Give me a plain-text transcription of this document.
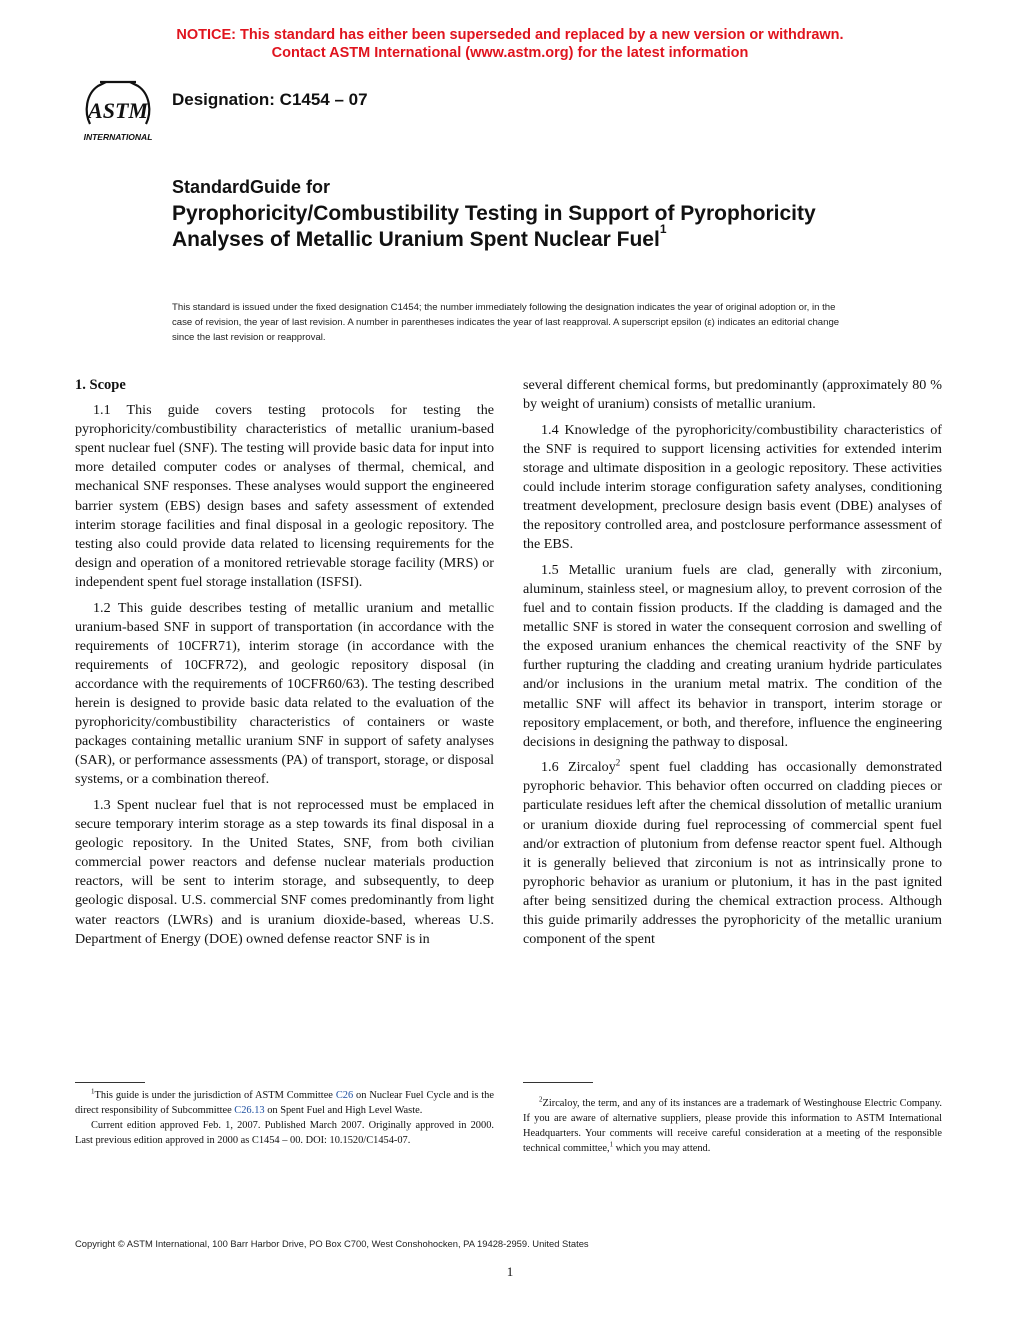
NOTICE: This standard has either been superseded and replaced by a new version or withdrawn.
Contact ASTM International (www.astm.org) for the latest information
ASTM
INTERNATIONAL
Designation: C1454 – 07
StandardGuide for
Pyrophoricity/Combustibility Testing in Support of Pyrophoricity Analyses of Metallic Uranium Spent Nuclear Fuel$^1$
This standard is issued under the fixed designation C1454; the number immediately following the designation indicates the year of original adoption or, in the case of revision, the year of last revision. A number in parentheses indicates the year of last reapproval. A superscript epsilon (ε) indicates an editorial change since the last revision or reapproval.
1. Scope

1.1 This guide covers testing protocols for testing the pyrophoricity/combustibility characteristics of metallic uranium-based spent nuclear fuel (SNF). The testing will provide basic data for input into more detailed computer codes or analyses of thermal, chemical, and mechanical SNF responses. These analyses would support the engineered barrier system (EBS) design bases and safety assessment of extended interim storage facilities and final disposal in a geologic repository. The testing also could provide data related to licensing requirements for the design and operation of a monitored retrievable storage facility (MRS) or independent spent fuel storage installation (ISFSI).

1.2 This guide describes testing of metallic uranium and metallic uranium-based SNF in support of transportation (in accordance with the requirements of 10CFR71), interim storage (in accordance with the requirements of 10CFR72), and geologic repository disposal (in accordance with the requirements of 10CFR60/63). The testing described herein is designed to provide basic data related to the evaluation of the pyrophoricity/combustibility characteristics of containers or waste packages containing metallic uranium SNF in support of safety analyses (SAR), or performance assessments (PA) of transport, storage, or disposal systems, or a combination thereof.

1.3 Spent nuclear fuel that is not reprocessed must be emplaced in secure temporary interim storage as a step towards its final disposal in a geologic repository. In the United States, SNF, from both civilian commercial power reactors and defense nuclear materials production reactors, will be sent to interim storage, and subsequently, to deep geologic disposal. U.S. commercial SNF comes predominantly from light water reactors (LWRs) and is uranium dioxide-based, whereas U.S. Department of Energy (DOE) owned defense reactor SNF is in

several different chemical forms, but predominantly (approximately 80 % by weight of uranium) consists of metallic uranium.

1.4 Knowledge of the pyrophoricity/combustibility characteristics of the SNF is required to support licensing activities for extended interim storage and ultimate disposition in a geologic repository. These activities could include interim storage configuration safety analyses, conditioning treatment development, preclosure design basis event (DBE) analyses of the repository controlled area, and postclosure performance assessment of the EBS.

1.5 Metallic uranium fuels are clad, generally with zirconium, aluminum, stainless steel, or magnesium alloy, to prevent corrosion of the fuel and to contain fission products. If the cladding is damaged and the metallic SNF is stored in water the consequent corrosion and swelling of the exposed uranium enhances the chemical reactivity of the SNF by further rupturing the cladding and creating uranium hydride particulates and/or inclusions in the uranium metal matrix. The condition of the metallic SNF will affect its behavior in transport, interim storage or repository emplacement, or both, and therefore, influence the engineering decisions in designing the pathway to disposal.

1.6 Zircaloy$^2$ spent fuel cladding has occasionally demonstrated pyrophoric behavior. This behavior often occurred on cladding pieces or particulate residues left after the chemical dissolution of metallic uranium or uranium dioxide during fuel reprocessing of commercial spent fuel and/or extraction of plutonium from defense reactor spent fuel. Although it is generally believed that zirconium is not as intrinsically prone to pyrophoric behavior as uranium or plutonium, it has in the past ignited after being sensitized during the chemical extraction process. Although this guide primarily addresses the pyrophoricity of the metallic uranium component of the spent

$^1$This guide is under the jurisdiction of ASTM Committee C26 on Nuclear Fuel Cycle and is the direct responsibility of Subcommittee C26.13 on Spent Fuel and High Level Waste.

Current edition approved Feb. 1, 2007. Published March 2007. Originally approved in 2000. Last previous edition approved in 2000 as C1454 – 00. DOI: 10.1520/C1454-07.

$^2$Zircaloy, the term, and any of its instances are a trademark of Westinghouse Electric Company. If you are aware of alternative suppliers, please provide this information to ASTM International Headquarters. Your comments will receive careful consideration at a meeting of the responsible technical committee,$^1$ which you may attend.

Copyright © ASTM International, 100 Barr Harbor Drive, PO Box C700, West Conshohocken, PA 19428-2959. United States
1
